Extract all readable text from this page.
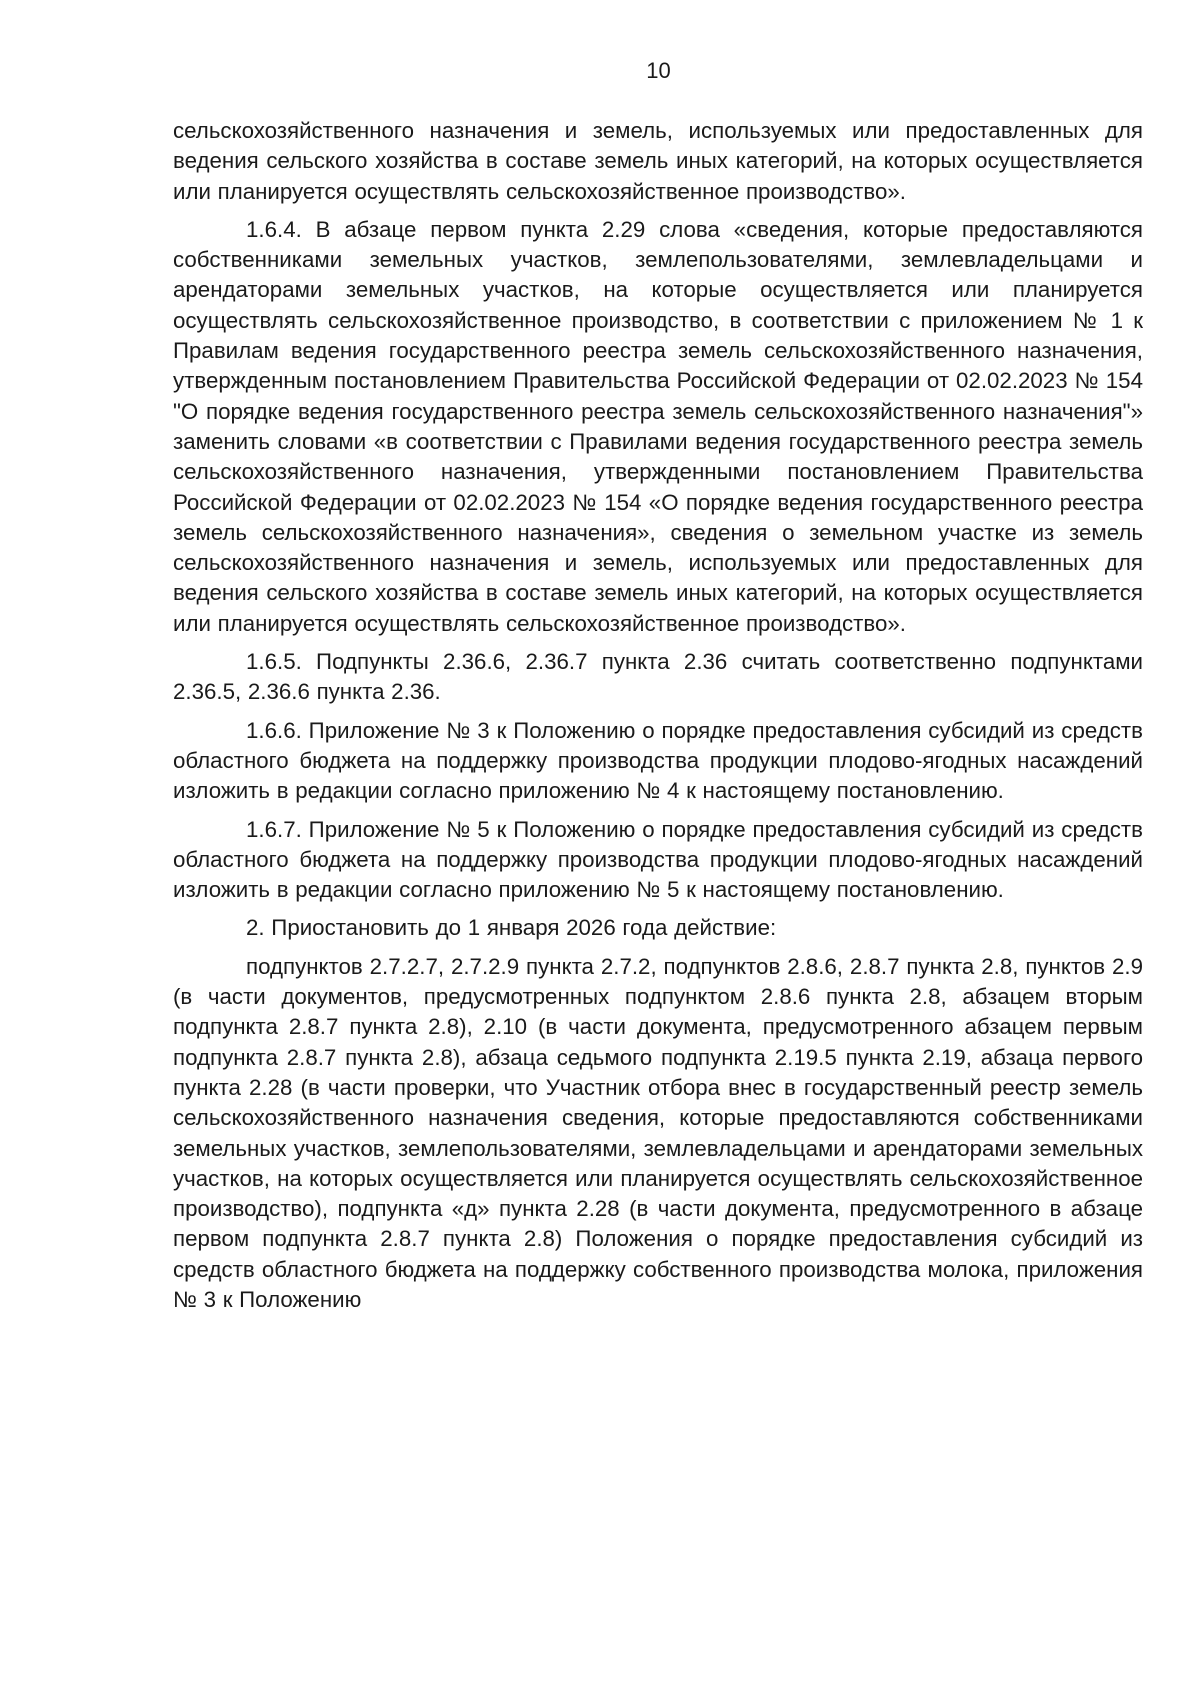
10

сельскохозяйственного назначения и земель, используемых или предоставленных для ведения сельского хозяйства в составе земель иных категорий, на которых осуществляется или планируется осуществлять сельскохозяйственное производство».

1.6.4. В абзаце первом пункта 2.29 слова «сведения, которые предоставляются собственниками земельных участков, землепользователями, землевладельцами и арендаторами земельных участков, на которые осуществляется или планируется осуществлять сельскохозяйственное производство, в соответствии с приложением № 1 к Правилам ведения государственного реестра земель сельскохозяйственного назначения, утвержденным постановлением Правительства Российской Федерации от 02.02.2023 № 154 "О порядке ведения государственного реестра земель сельскохозяйственного назначения"» заменить словами «в соответствии с Правилами ведения государственного реестра земель сельскохозяйственного назначения, утвержденными постановлением Правительства Российской Федерации от 02.02.2023 № 154 «О порядке ведения государственного реестра земель сельскохозяйственного назначения», сведения о земельном участке из земель сельскохозяйственного назначения и земель, используемых или предоставленных для ведения сельского хозяйства в составе земель иных категорий, на которых осуществляется или планируется осуществлять сельскохозяйственное производство».

1.6.5. Подпункты 2.36.6, 2.36.7 пункта 2.36 считать соответственно подпунктами 2.36.5, 2.36.6 пункта 2.36.

1.6.6. Приложение № 3 к Положению о порядке предоставления субсидий из средств областного бюджета на поддержку производства продукции плодово-ягодных насаждений изложить в редакции согласно приложению № 4 к настоящему постановлению.

1.6.7. Приложение № 5 к Положению о порядке предоставления субсидий из средств областного бюджета на поддержку производства продукции плодово-ягодных насаждений изложить в редакции согласно приложению № 5 к настоящему постановлению.

2. Приостановить до 1 января 2026 года действие:

подпунктов 2.7.2.7, 2.7.2.9 пункта 2.7.2, подпунктов 2.8.6, 2.8.7 пункта 2.8, пунктов 2.9 (в части документов, предусмотренных подпунктом 2.8.6 пункта 2.8, абзацем вторым подпункта 2.8.7 пункта 2.8), 2.10 (в части документа, предусмотренного абзацем первым подпункта 2.8.7 пункта 2.8), абзаца седьмого подпункта 2.19.5 пункта 2.19, абзаца первого пункта 2.28 (в части проверки, что Участник отбора внес в государственный реестр земель сельскохозяйственного назначения сведения, которые предоставляются собственниками земельных участков, землепользователями, землевладельцами и арендаторами земельных участков, на которых осуществляется или планируется осуществлять сельскохозяйственное производство), подпункта «д» пункта 2.28 (в части документа, предусмотренного в абзаце первом подпункта 2.8.7 пункта 2.8) Положения о порядке предоставления субсидий из средств областного бюджета на поддержку собственного производства молока, приложения № 3 к Положению
